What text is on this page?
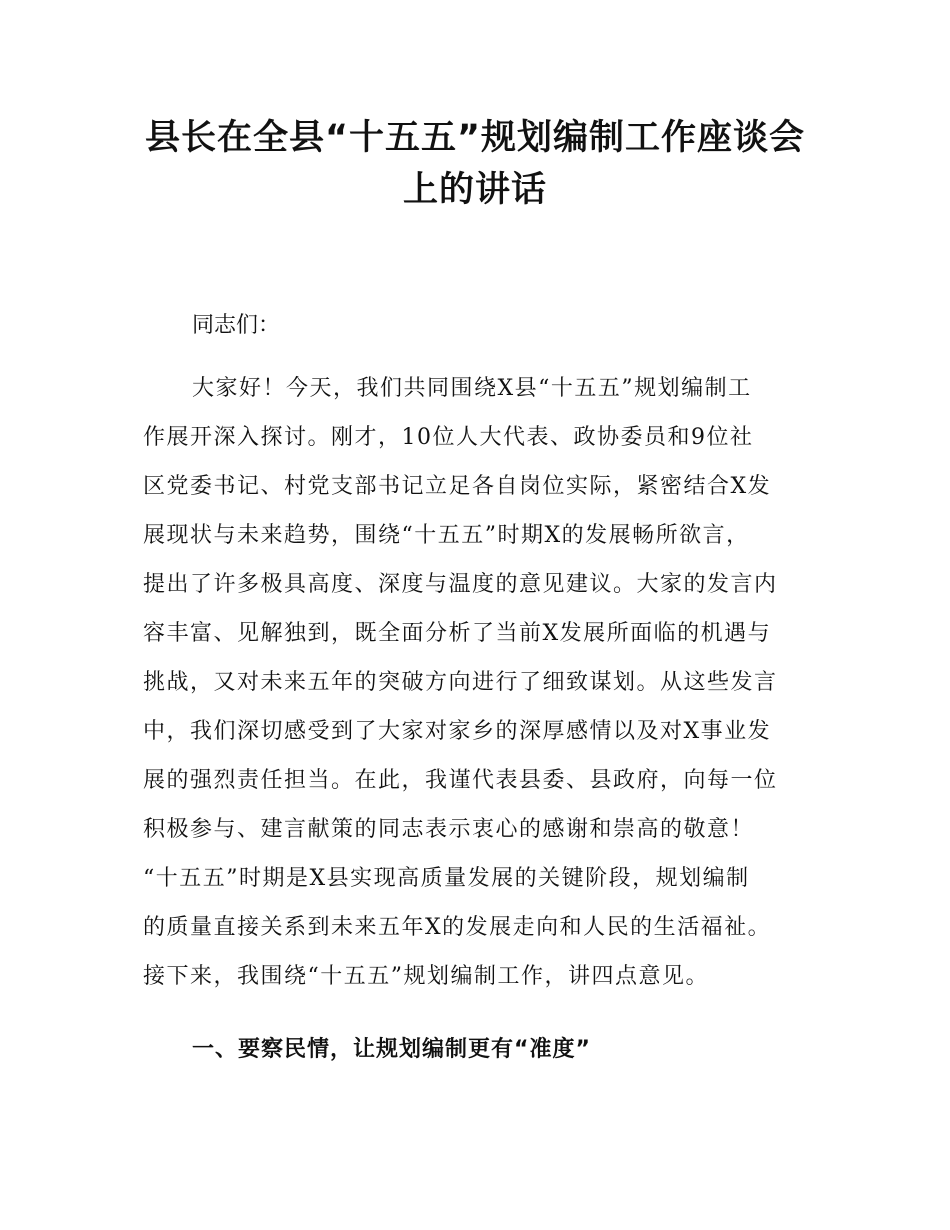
县长在全县“十五五”规划编制工作座谈会
上的讲话

同志们：

大家好！今天，我们共同围绕X县“十五五”规划编制工

作展开深入探讨。刚才，10位人大代表、政协委员和9位社

区党委书记、村党支部书记立足各自岗位实际，紧密结合X发

展现状与未来趋势，围绕“十五五”时期X的发展畅所欲言，

提出了许多极具高度、深度与温度的意见建议。大家的发言内

容丰富、见解独到，既全面分析了当前X发展所面临的机遇与

挑战，又对未来五年的突破方向进行了细致谋划。从这些发言

中，我们深切感受到了大家对家乡的深厚感情以及对X事业发

展的强烈责任担当。在此，我谨代表县委、县政府，向每一位

积极参与、建言献策的同志表示衷心的感谢和崇高的敬意！

“十五五”时期是X县实现高质量发展的关键阶段，规划编制

的质量直接关系到未来五年X的发展走向和人民的生活福祉。

接下来，我围绕“十五五”规划编制工作，讲四点意见。

一、要察民情，让规划编制更有“准度”
